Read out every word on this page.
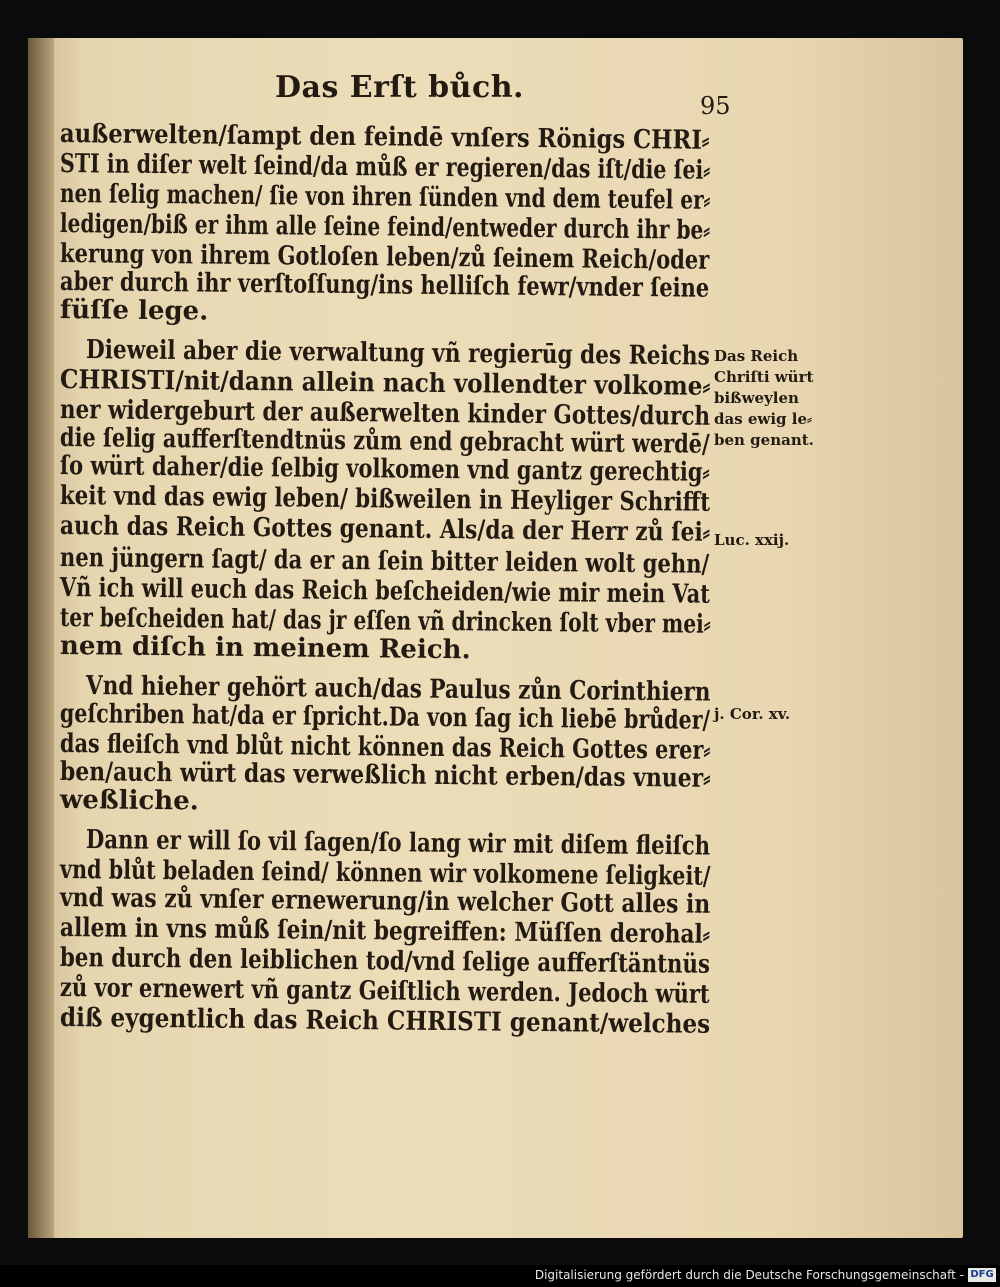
Das Erſt bůch.
95
außerwelten/ſampt den feindē vnſers Rönigs CHRI⸗
STI in diſer welt ſeind/da můß er regieren/das iſt/die ſei⸗
nen ſelig machen/ ſie von ihren ſünden vnd dem teufel er⸗
ledigen/biß er ihm alle ſeine feind/entweder durch ihr be⸗
kerung von ihrem Gotloſen leben/zů ſeinem Reich/oder
aber durch ihr verſtoſſung/ins helliſch fewr/vnder ſeine
füſſe lege.
Dieweil aber die verwaltung vñ regierūg des Reichs
CHRISTI/nit/dann allein nach vollendter volkome⸗
ner widergeburt der außerwelten kinder Gottes/durch
die ſelig aufferſtendtnüs zům end gebracht würt werdē/
ſo würt daher/die ſelbig volkomen vnd gantz gerechtig⸗
keit vnd das ewig leben/ bißweilen in Heyliger Schrifft
auch das Reich Gottes genant. Als/da der Herr zů ſei⸗
nen jüngern ſagt/ da er an ſein bitter leiden wolt gehn/
Vñ ich will euch das Reich beſcheiden/wie mir mein Vat
ter beſcheiden hat/ das jr eſſen vñ drincken ſolt vber mei⸗
nem diſch in meinem Reich.
Vnd hieher gehört auch/das Paulus zůn Corinthiern
geſchriben hat/da er ſpricht.Da von ſag ich liebē brůder/
das fleiſch vnd blůt nicht können das Reich Gottes erer⸗
ben/auch würt das verweßlich nicht erben/das vnuer⸗
weßliche.
Dann er will ſo vil ſagen/ſo lang wir mit diſem fleiſch
vnd blůt beladen ſeind/ können wir volkomene ſeligkeit/
vnd was zů vnſer ernewerung/in welcher Gott alles in
allem in vns můß ſein/nit begreiffen: Müſſen derohal⸗
ben durch den leiblichen tod/vnd ſelige aufferſtäntnüs
zů vor ernewert vñ gantz Geiſtlich werden. Jedoch würt
diß eygentlich das Reich CHRISTI genant/welches
Das Reich
Chriſti würt
bißweylen
das ewig le⸗
ben genant.
Luc. xxij.
j. Cor. xv.
Digitalisierung gefördert durch die Deutsche Forschungsgemeinschaft - DFG
